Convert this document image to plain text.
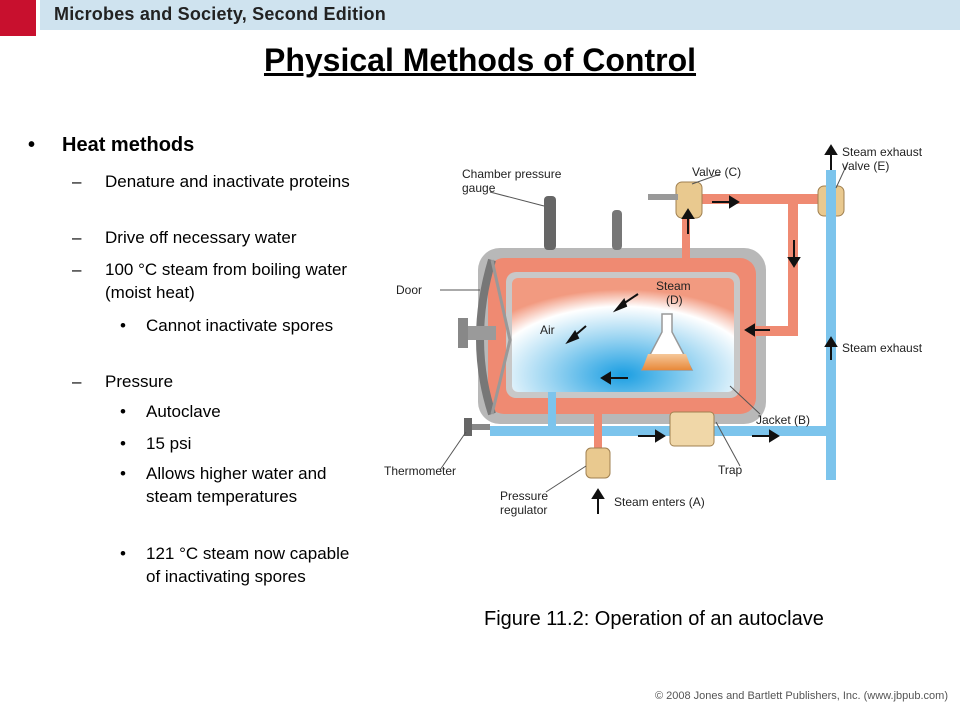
Microbes and Society, Second Edition
Physical Methods of Control
• Heat methods
– Denature and inactivate proteins
– Drive off necessary water
– 100 °C steam from boiling water (moist heat)
• Cannot inactivate spores
– Pressure
• Autoclave
• 15 psi
• Allows higher water and steam temperatures
• 121 °C steam now capable of inactivating spores
Chamber pressure
gauge
Valve (C)
Steam exhaust
valve (E)
Door	Steam
(D)
Air
Steam exhaust
Jacket (B)
Thermometer	Trap
Pressure
regulator
Steam enters (A)
Figure 11.2: Operation of an autoclave
© 2008 Jones and Bartlett Publishers, Inc. (www.jbpub.com)
